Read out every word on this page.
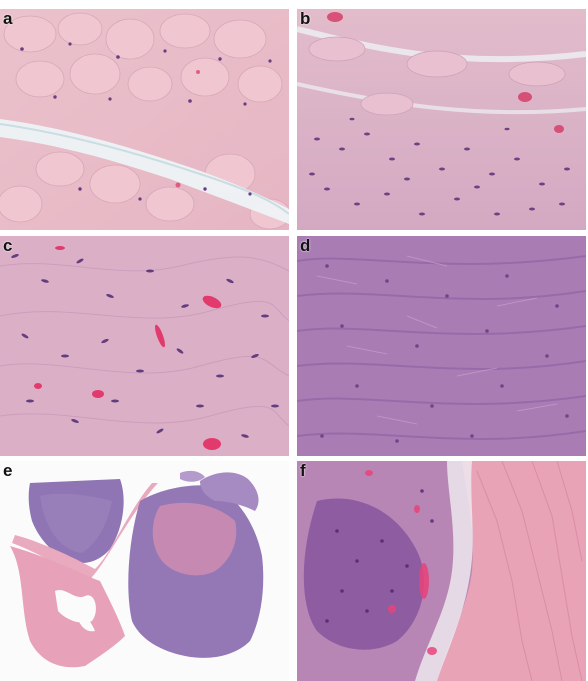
a	b
c	d
e	f
